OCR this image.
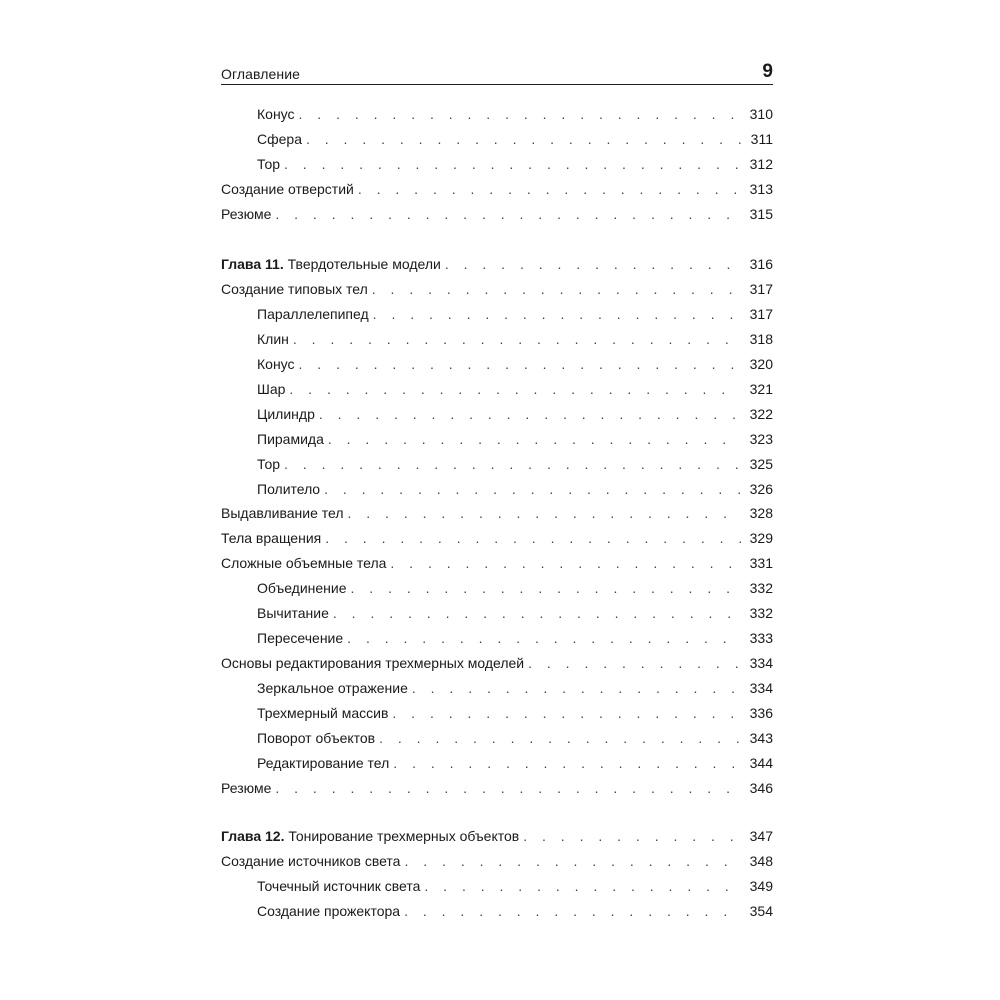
Оглавление	9
Конус . . .	310
Сфера . . .	311
Тор . . .	312
Создание отверстий . . .	313
Резюме . . .	315
Глава 11. Твердотельные модели . . .	316
Создание типовых тел . . .	317
Параллелепипед . . .	317
Клин . . .	318
Конус . . .	320
Шар . . .	321
Цилиндр . . .	322
Пирамида . . .	323
Тор . . .	325
Полителo . . .	326
Выдавливание тел . . .	328
Тела вращения . . .	329
Сложные объемные тела . . .	331
Объединение . . .	332
Вычитание . . .	332
Пересечение . . .	333
Основы редактирования трехмерных моделей . . .	334
Зеркальное отражение . . .	334
Трехмерный массив . . .	336
Поворот объектов . . .	343
Редактирование тел . . .	344
Резюме . . .	346
Глава 12. Тонирование трехмерных объектов . . .	347
Создание источников света . . .	348
Точечный источник света . . .	349
Создание прожектора . . .	354
